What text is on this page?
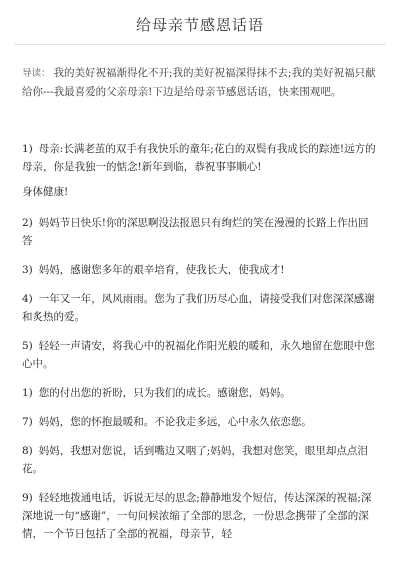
给母亲节感恩话语
导读： 我的美好祝福渐得化不开;我的美好祝福深得抹不去;我的美好祝福只献给你---我最喜爱的父亲母亲!下边是给母亲节感恩话语，快来围观吧。
1) 母亲:长满老茧的双手有我快乐的童年;花白的双鬓有我成长的踪迹!远方的母亲，你是我独一的惦念!新年到临，恭祝事事顺心!
身体健康!
2) 妈妈节日快乐!你的深思啊没法报恩只有绚烂的笑在漫漫的长路上作出回答
3) 妈妈，感谢您多年的艰辛培育，使我长大，使我成才!
4) 一年又一年，风风雨雨。您为了我们历尽心血，请接受我们对您深深感谢和炙热的爱。
5) 轻轻一声请安，将我心中的祝福化作阳光般的暖和，永久地留在您眼中您心中。
1) 您的付出您的祈盼，只为我们的成长。感谢您，妈妈。
7) 妈妈，您的怀抱最暖和。不论我走多远，心中永久依恋您。
8) 妈妈，我想对您说，话到嘴边又咽了;妈妈，我想对您笑，眼里却点点泪花。
9) 轻轻地拨通电话，诉说无尽的思念;静静地发个短信，传达深深的祝福;深深地说一句“感谢”，一句问候浓缩了全部的思念，一份思念携带了全部的深情，一个节日包括了全部的祝福，母亲节，轻
